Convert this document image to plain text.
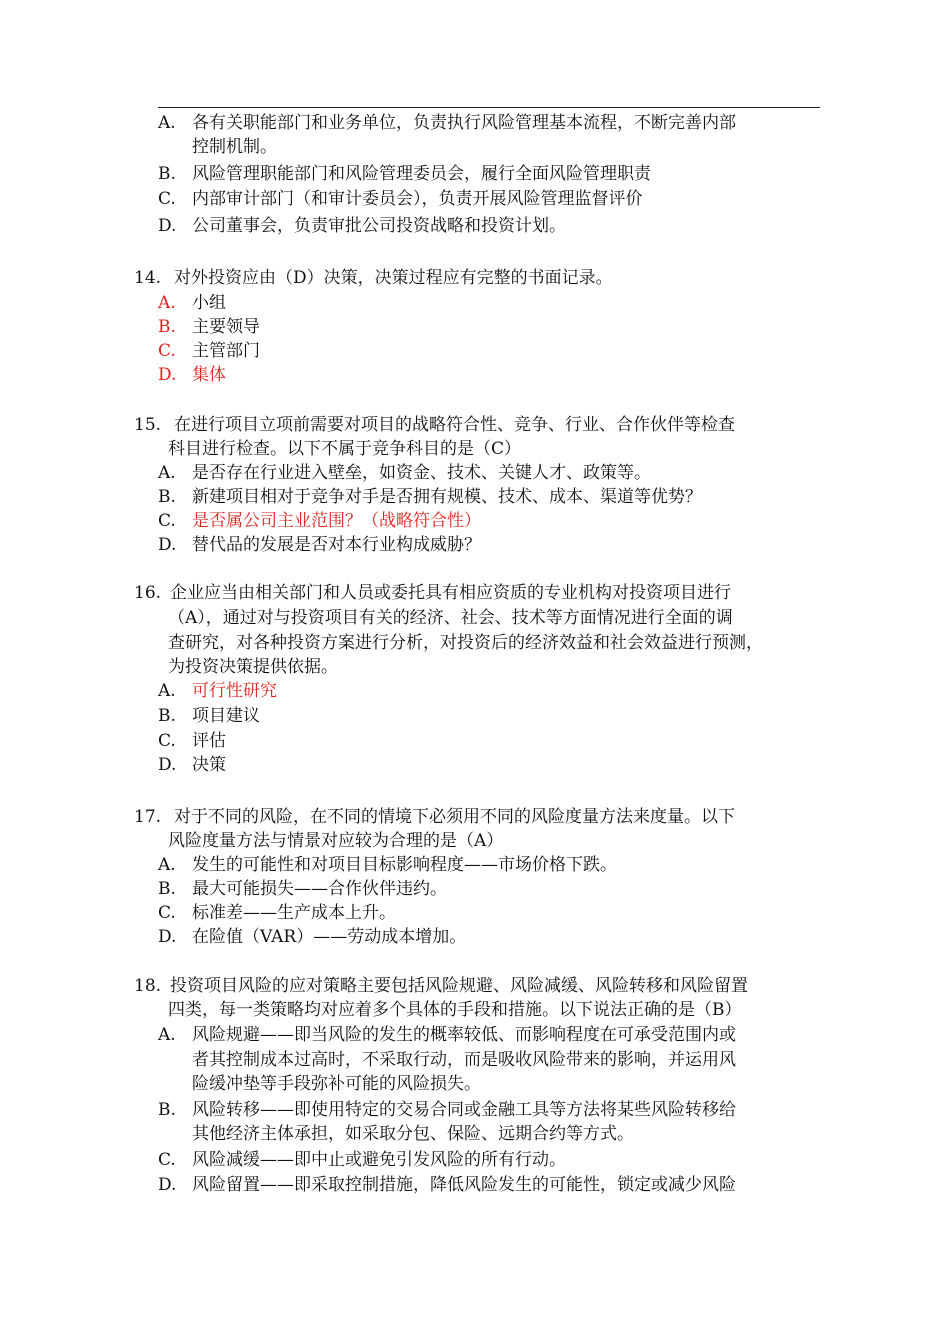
A. 各有关职能部门和业务单位，负责执行风险管理基本流程，不断完善内部
控制机制。
B. 风险管理职能部门和风险管理委员会，履行全面风险管理职责
C. 内部审计部门（和审计委员会），负责开展风险管理监督评价
D. 公司董事会，负责审批公司投资战略和投资计划。
14. 对外投资应由（D）决策，决策过程应有完整的书面记录。
A. 小组
B. 主要领导
C. 主管部门
D. 集体
15. 在进行项目立项前需要对项目的战略符合性、竞争、行业、合作伙伴等检查
科目进行检查。以下不属于竞争科目的是（C）
A. 是否存在行业进入壁垒，如资金、技术、关键人才、政策等。
B. 新建项目相对于竞争对手是否拥有规模、技术、成本、渠道等优势？
C. 是否属公司主业范围？（战略符合性）
D. 替代品的发展是否对本行业构成威胁？
16. 企业应当由相关部门和人员或委托具有相应资质的专业机构对投资项目进行
（A），通过对与投资项目有关的经济、社会、技术等方面情况进行全面的调
查研究，对各种投资方案进行分析，对投资后的经济效益和社会效益进行预测，
为投资决策提供依据。
A. 可行性研究
B. 项目建议
C. 评估
D. 决策
17. 对于不同的风险，在不同的情境下必须用不同的风险度量方法来度量。以下
风险度量方法与情景对应较为合理的是（A）
A. 发生的可能性和对项目目标影响程度——市场价格下跌。
B. 最大可能损失——合作伙伴违约。
C. 标准差——生产成本上升。
D. 在险值（VAR）——劳动成本增加。
18. 投资项目风险的应对策略主要包括风险规避、风险减缓、风险转移和风险留置
四类，每一类策略均对应着多个具体的手段和措施。以下说法正确的是（B）
A. 风险规避——即当风险的发生的概率较低、而影响程度在可承受范围内或
者其控制成本过高时，不采取行动，而是吸收风险带来的影响，并运用风
险缓冲垫等手段弥补可能的风险损失。
B. 风险转移——即使用特定的交易合同或金融工具等方法将某些风险转移给
其他经济主体承担，如采取分包、保险、远期合约等方式。
C. 风险减缓——即中止或避免引发风险的所有行动。
D. 风险留置——即采取控制措施，降低风险发生的可能性，锁定或减少风险
